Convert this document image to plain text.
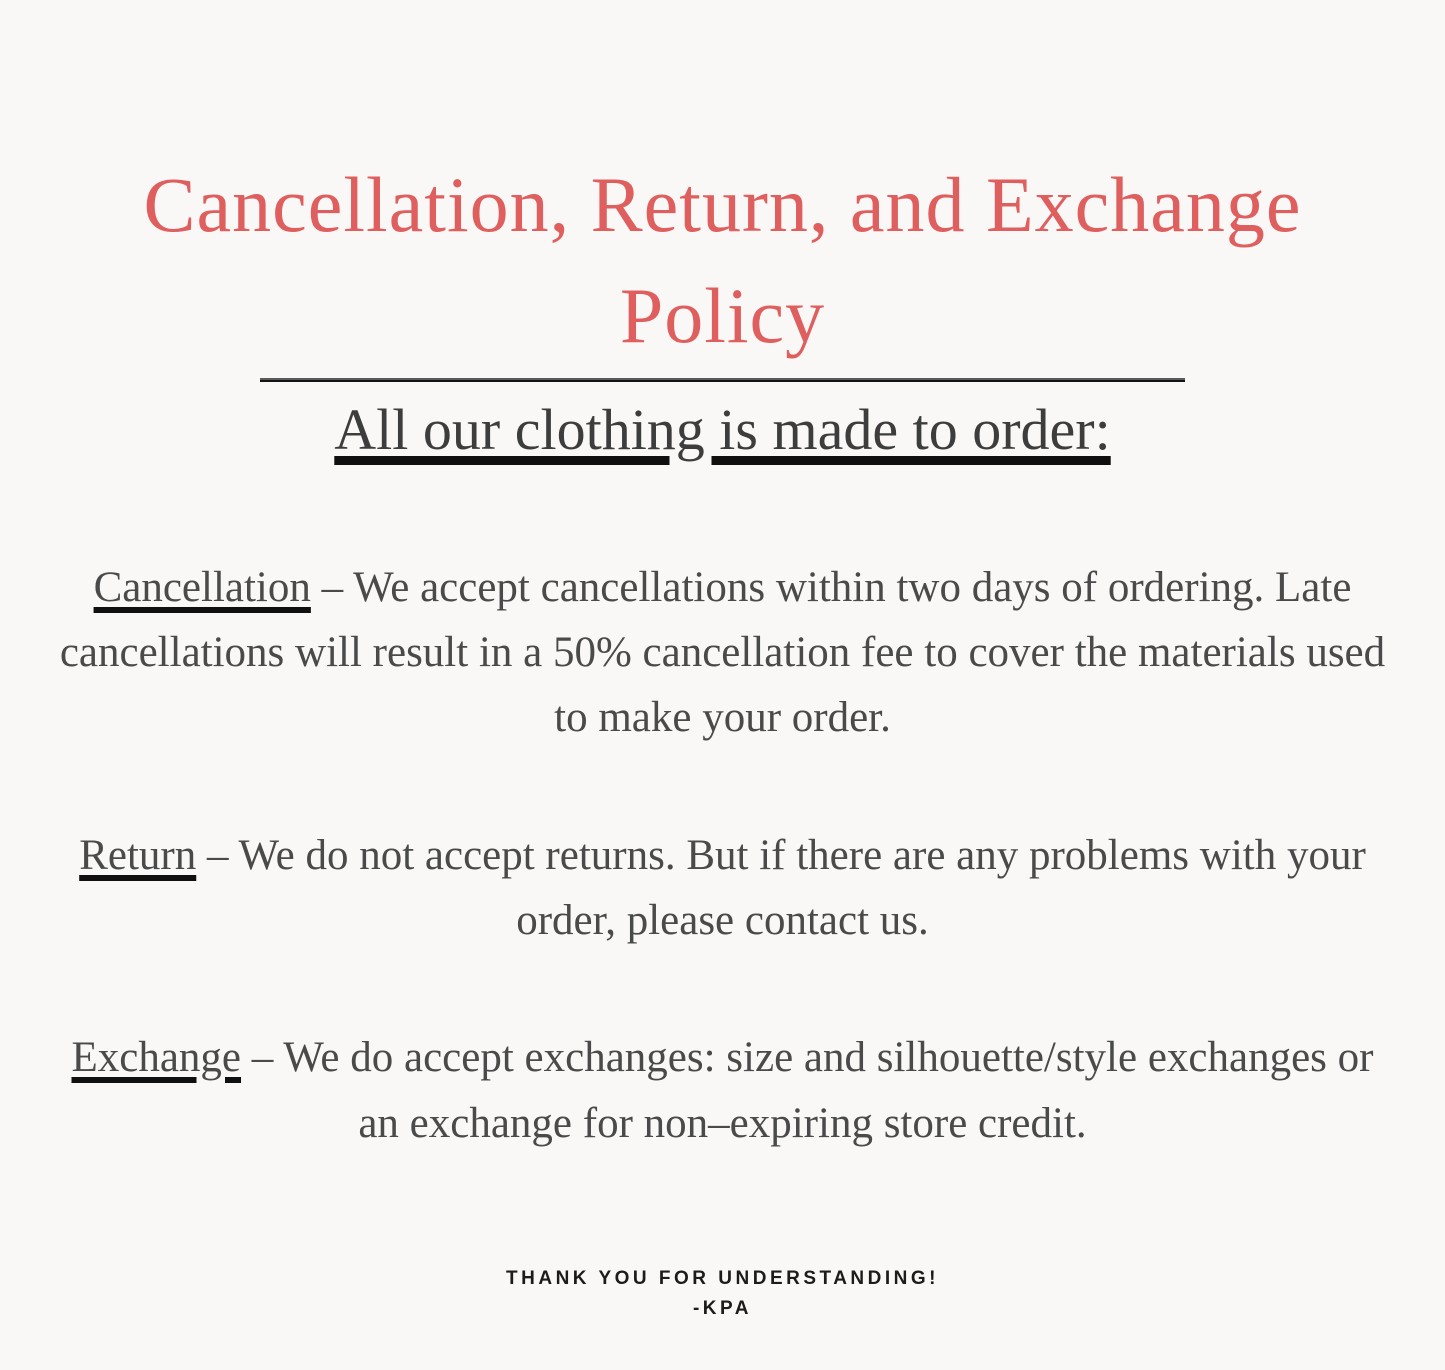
Cancellation, Return, and Exchange
Policy
All our clothing is made to order:

Cancellation – We accept cancellations within two days of ordering. Late cancellations will result in a 50% cancellation fee to cover the materials used to make your order.

Return – We do not accept returns. But if there are any problems with your order, please contact us.

Exchange – We do accept exchanges: size and silhouette/style exchanges or an exchange for non–expiring store credit.

THANK YOU FOR UNDERSTANDING!
-KPA
